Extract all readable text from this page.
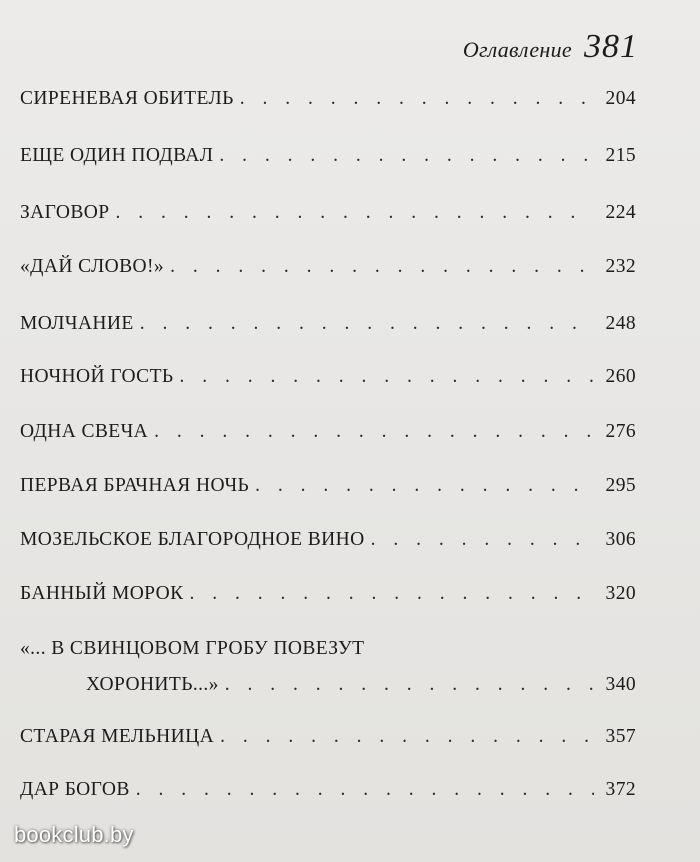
Оглавление 381
СИРЕНЕВАЯ ОБИТЕЛЬ . . .	204
ЕЩЕ ОДИН ПОДВАЛ . . .	215
ЗАГОВОР . . .	224
«ДАЙ СЛОВО!» . . .	232
МОЛЧАНИЕ . . .	248
НОЧНОЙ ГОСТЬ . . .	260
ОДНА СВЕЧА . . .	276
ПЕРВАЯ БРАЧНАЯ НОЧЬ . . .	295
МОЗЕЛЬСКОЕ БЛАГОРОДНОЕ ВИНО . . .	306
БАННЫЙ МОРОК . . .	320
«... В СВИНЦОВОМ ГРОБУ ПОВЕЗУТ
ХОРОНИТЬ...» . . .	340
СТАРАЯ МЕЛЬНИЦА . . .	357
ДАР БОГОВ . . .	372
bookclub.by
